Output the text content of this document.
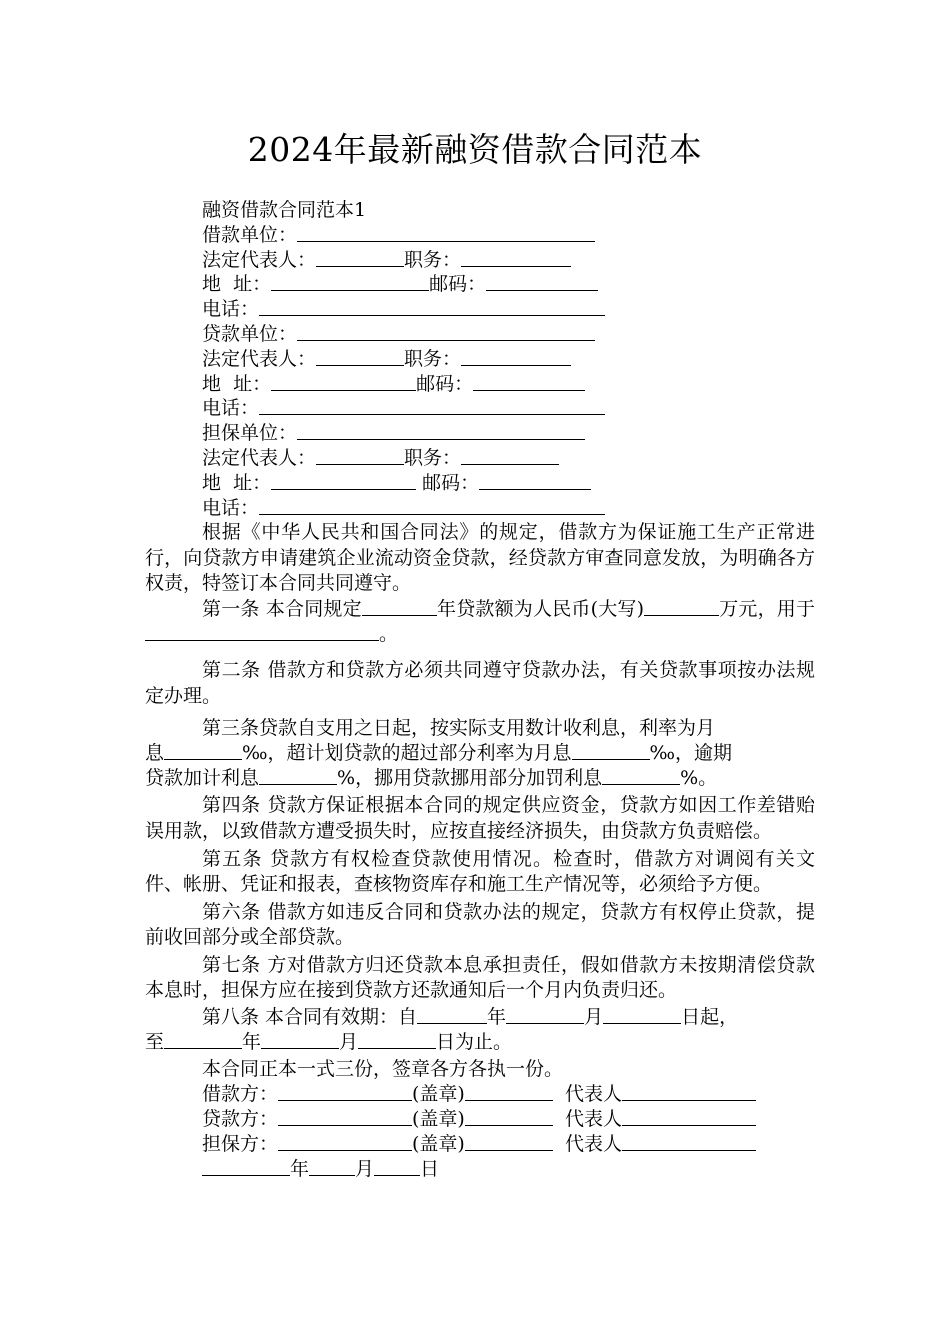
2024年最新融资借款合同范本
融资借款合同范本1
借款单位：
法定代表人：	职务：
地  址：	邮码：
电话：
贷款单位：
法定代表人：	职务：
地  址：	邮码：
电话：
担保单位：
法定代表人：	职务：
地  址：	邮码：
电话：
根据《中华人民共和国合同法》的规定，借款方为保证施工生产正常进行，向贷款方申请建筑企业流动资金贷款，经贷款方审查同意发放，为明确各方权责，特签订本合同共同遵守。
第一条 本合同规定	年贷款额为人民币(大写)	万元，用于。
第二条 借款方和贷款方必须共同遵守贷款办法，有关贷款事项按办法规定办理。
第三条贷款自支用之日起，按实际支用数计收利息，利率为月
息	‰，超计划贷款的超过部分利率为月息	‰，逾期
贷款加计利息	%，挪用贷款挪用部分加罚利息	%。
第四条 贷款方保证根据本合同的规定供应资金，贷款方如因工作差错贻误用款，以致借款方遭受损失时，应按直接经济损失，由贷款方负责赔偿。
第五条 贷款方有权检查贷款使用情况。检查时，借款方对调阅有关文件、帐册、凭证和报表，查核物资库存和施工生产情况等，必须给予方便。
第六条 借款方如违反合同和贷款办法的规定，贷款方有权停止贷款，提前收回部分或全部贷款。
第七条 方对借款方归还贷款本息承担责任，假如借款方未按期清偿贷款本息时，担保方应在接到贷款方还款通知后一个月内负责归还。
第八条 本合同有效期：自	年	月	日起，
至	年	月	日为止。
本合同正本一式三份，签章各方各执一份。
借款方：	(盖章)	代表人
贷款方：	(盖章)	代表人
担保方：	(盖章)	代表人
年 月 日
